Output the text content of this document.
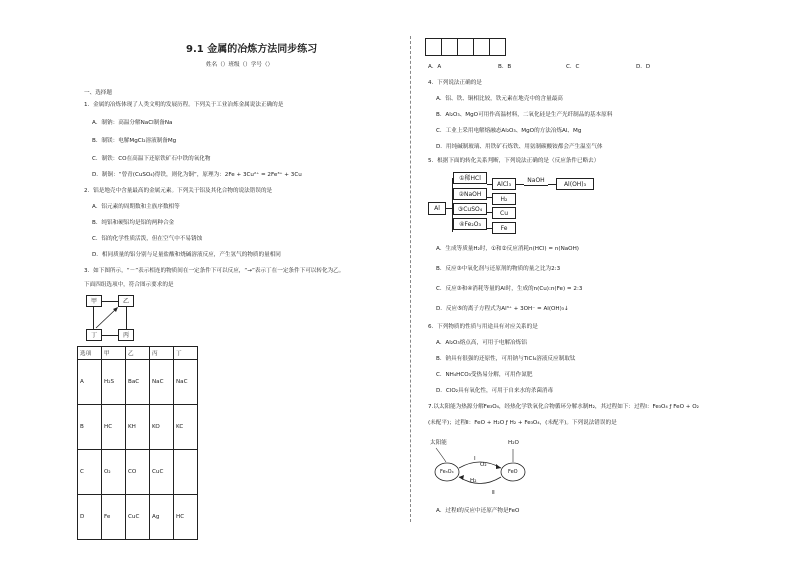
9.1 金属的冶炼方法同步练习
姓名（）班级（）学号（）
一、选择题
1．金属的冶炼体现了人类文明的发展历程。下列关于工业冶炼金属说法正确的是
A．制钠：高温分解NaCl制备Na
B．制镁：电解MgCl₂溶液制备Mg
C．制铁：CO在高温下还原铁矿石中铁的氧化物
D．制铜：“曾青(CuSO₄)得铁，则化为铜”，原理为：2Fe + 3Cu²⁺ = 2Fe³⁺ + 3Cu
2．铝是地壳中含量最高的金属元素。下列关于铝及其化合物的说法错误的是
A．铝元素的周期数和主族序数相等
B．纯铝和硬铝均是铝的两种合金
C．铝的化学性质活泼，但在空气中不易锈蚀
D．相同质量的铝分别与足量盐酸和烧碱溶液反应，产生氢气的物质的量相同
3．如下图所示，“－”表示相连的物质间在一定条件下可以反应，“→”表示丁在一定条件下可以转化为乙。
下面四组选项中，符合图示要求的是
甲	乙
丁	丙
选项	甲	乙	丙	丁
A	H₂S	BaC	NaC	NaC
B	HC	KH	KO	KC
C	O₂	CO	CuC	
D	Fe	CuC	Ag	HC
A．A	B．B	C．C	D．D
4．下列说法正确的是
A．铝、铁、铜相比较，铁元素在地壳中的含量最高
B．Al₂O₃、MgO可用作高温材料，二氧化硅是生产光纤制品的基本原料
C．工业上采用电解熔融态Al₂O₃、MgO的方法冶炼Al、Mg
D．用纯碱制玻璃、用铁矿石炼铁、用氨制碳酸铵都会产生温室气体
5．根据下面的转化关系判断，下列说法正确的是（反应条件已略去）
Al
①稀HCl
②NaOH
③CuSO₄
④Fe₂O₃
AlCl₃
H₂
Cu
Fe
NaOH
Al(OH)₃
A．生成等质量H₂时，①和②反应消耗n(HCl) = n(NaOH)
B．反应③中氧化剂与还原剂的物质的量之比为2:3
C．反应③和④消耗等量的Al时，生成的n(Cu):n(Fe) = 2:3
D．反应⑤的离子方程式为Al³⁺ + 3OH⁻ = Al(OH)₃↓
6．下列物质的性质与用途具有对应关系的是
A．Al₂O₃熔点高，可用于电解冶炼铝
B．钠具有很强的还原性，可用钠与TiCl₄溶液反应制取钛
C．NH₄HCO₃受热易分解，可用作氮肥
D．ClO₂具有氧化性，可用于自来水的杀菌消毒
7.以太阳能为热源分解Fe₃O₄，经热化学铁氧化合物循环分解水制H₂，其过程如下：过程Ⅰ：Fe₃O₄ ƒ FeO + O₂
(未配平)；过程Ⅱ：FeO + H₂O ƒ H₂ + Fe₃O₄，(未配平)。下列说法错误的是
太阳能	H₂O
O₂
H₂
Ⅰ
Ⅱ
Fe₃O₄	FeO
A．过程Ⅰ的反应中还原产物是FeO
